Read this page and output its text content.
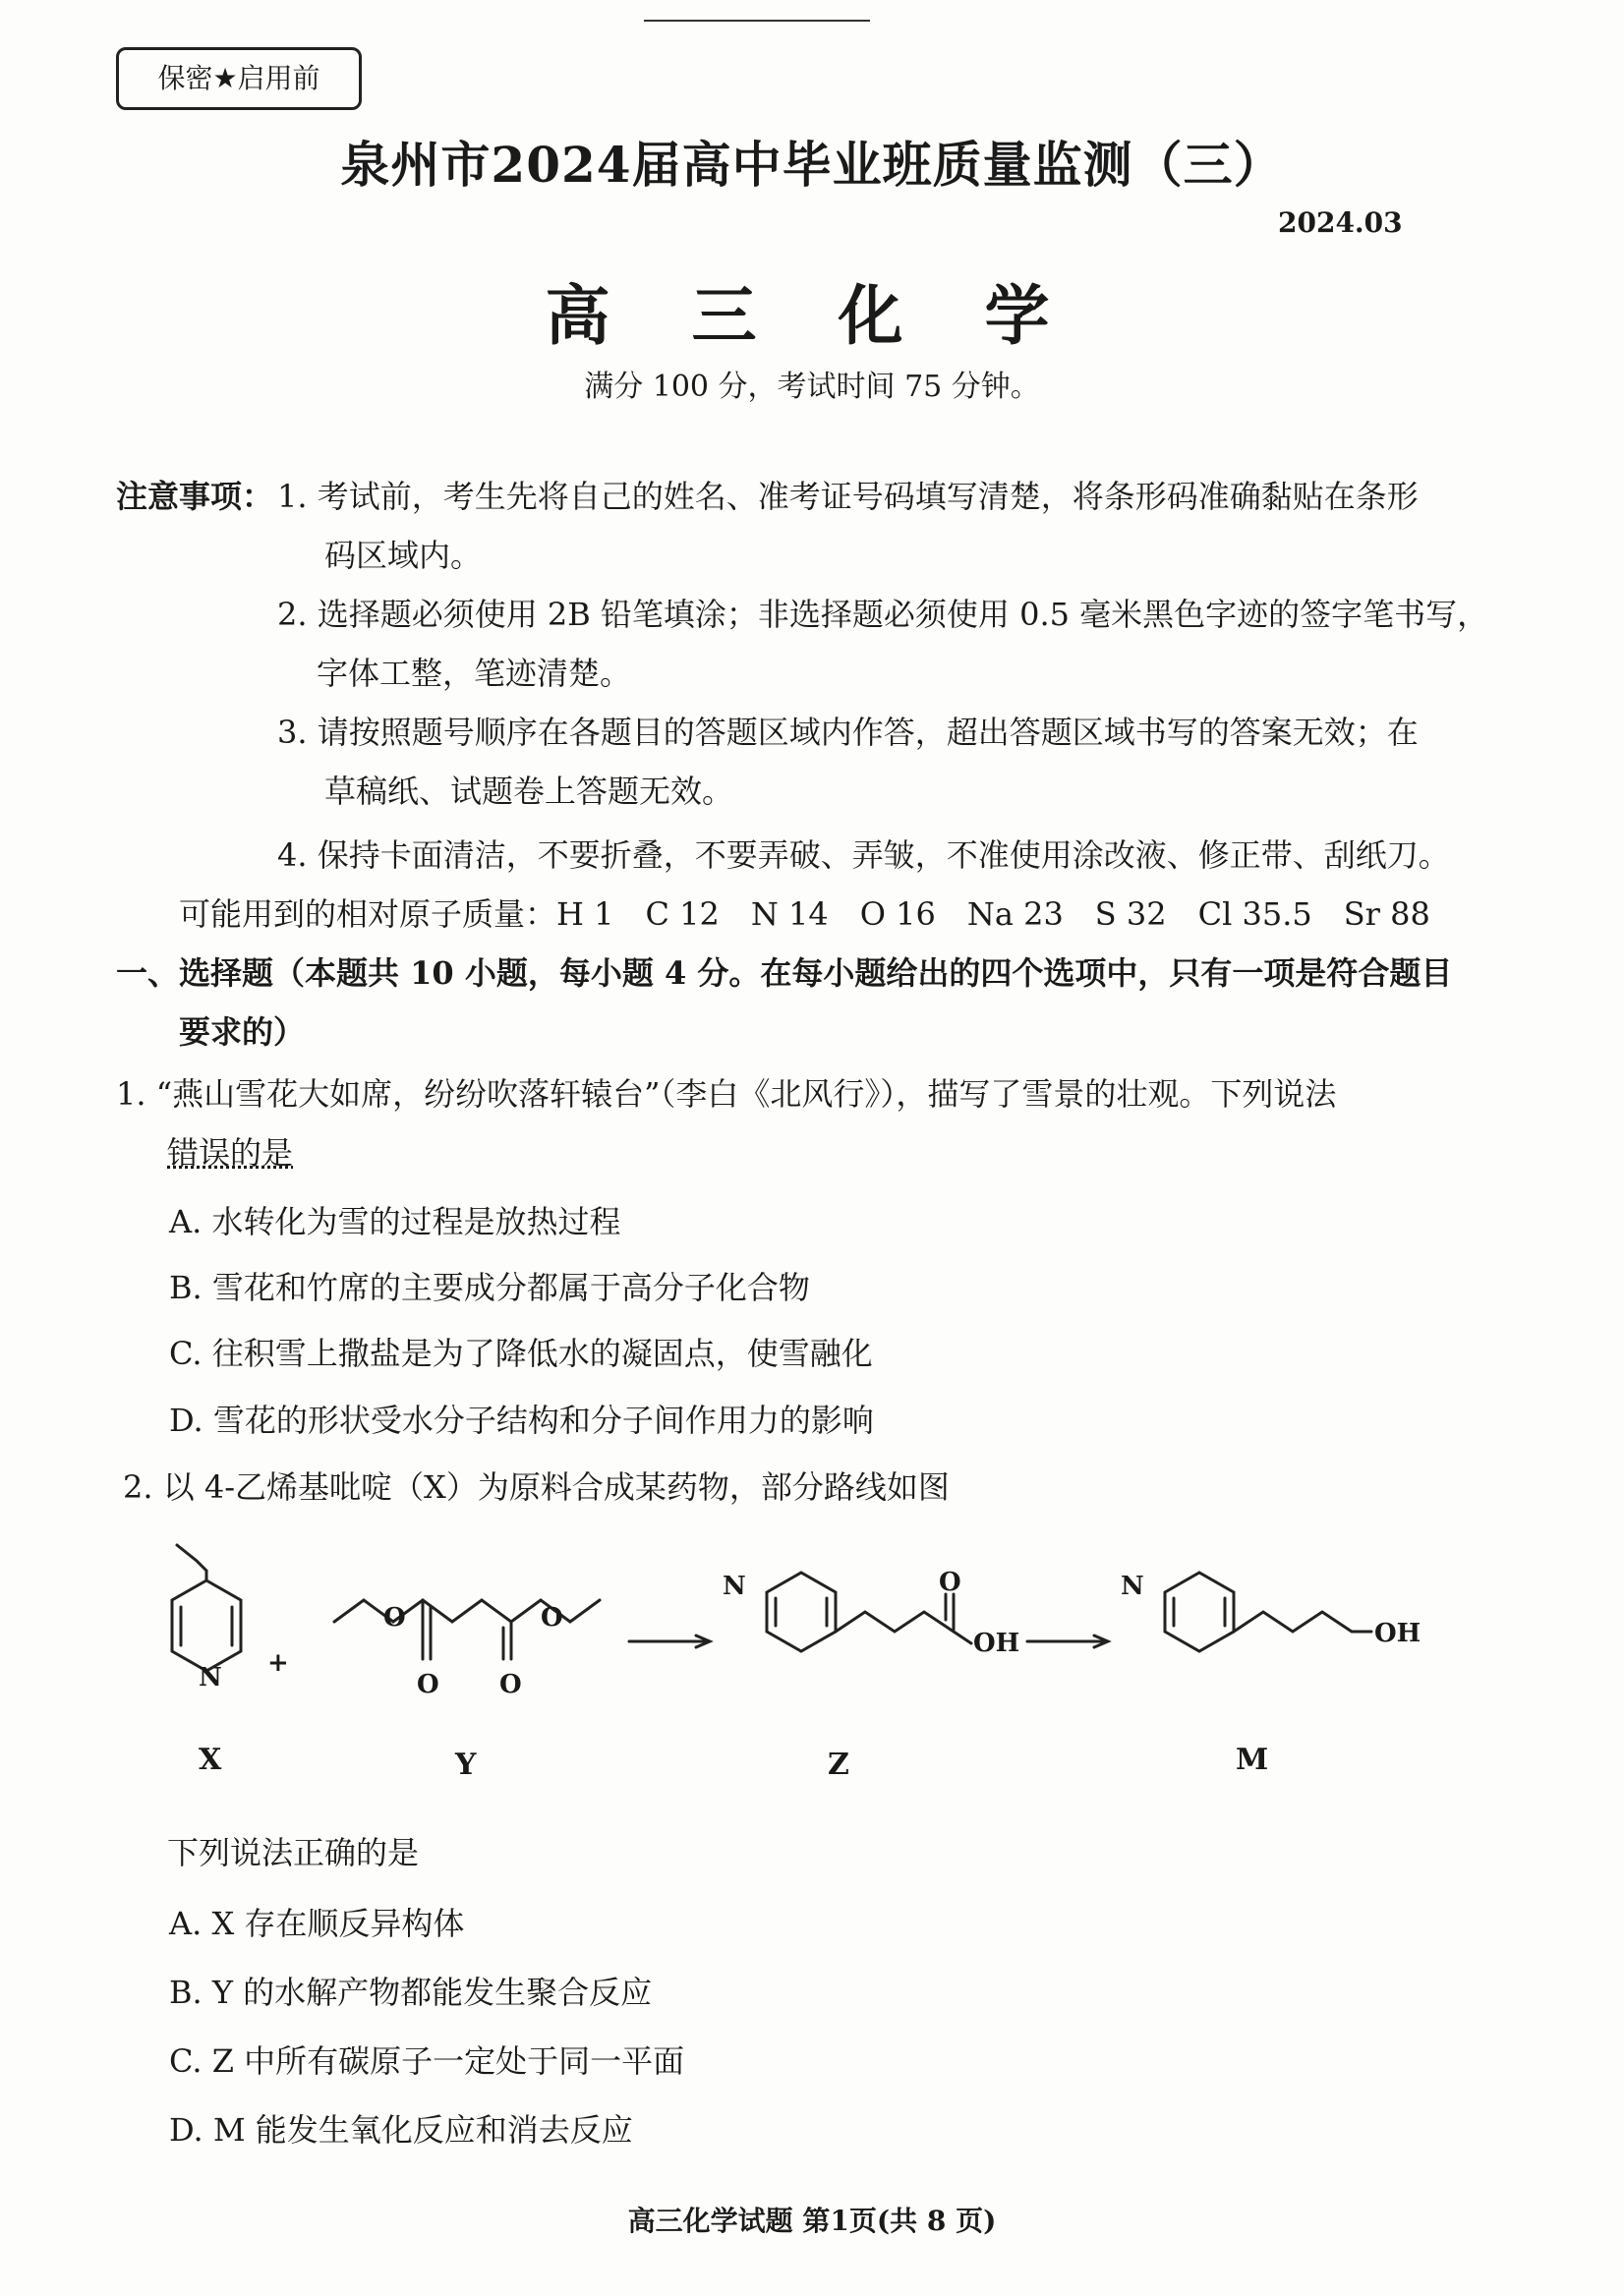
保密★启用前
泉州市2024届高中毕业班质量监测（三）
2024.03
高 三 化 学
满分 100 分，考试时间 75 分钟。
注意事项： 1. 考试前，考生先将自己的姓名、准考证号码填写清楚，将条形码准确黏贴在条形
码区域内。
2. 选择题必须使用 2B 铅笔填涂；非选择题必须使用 0.5 毫米黑色字迹的签字笔书写，
字体工整，笔迹清楚。
3. 请按照题号顺序在各题目的答题区域内作答，超出答题区域书写的答案无效；在
草稿纸、试题卷上答题无效。
4. 保持卡面清洁，不要折叠，不要弄破、弄皱，不准使用涂改液、修正带、刮纸刀。
可能用到的相对原子质量：H 1　C 12　N 14　O 16　Na 23　S 32　Cl 35.5　Sr 88
一、选择题（本题共 10 小题，每小题 4 分。在每小题给出的四个选项中，只有一项是符合题目
要求的）
1. “燕山雪花大如席，纷纷吹落轩辕台”（李白《北风行》），描写了雪景的壮观。下列说法
错误的是
A. 水转化为雪的过程是放热过程
B. 雪花和竹席的主要成分都属于高分子化合物
C. 往积雪上撒盐是为了降低水的凝固点，使雪融化
D. 雪花的形状受水分子结构和分子间作用力的影响
2. 以 4-乙烯基吡啶（X）为原料合成某药物，部分路线如图
N +
O
O O
O
N	O
OH
N
OH
X	Y	Z	M
下列说法正确的是
A. X 存在顺反异构体
B. Y 的水解产物都能发生聚合反应
C. Z 中所有碳原子一定处于同一平面
D. M 能发生氧化反应和消去反应
高三化学试题 第1页(共 8 页)
